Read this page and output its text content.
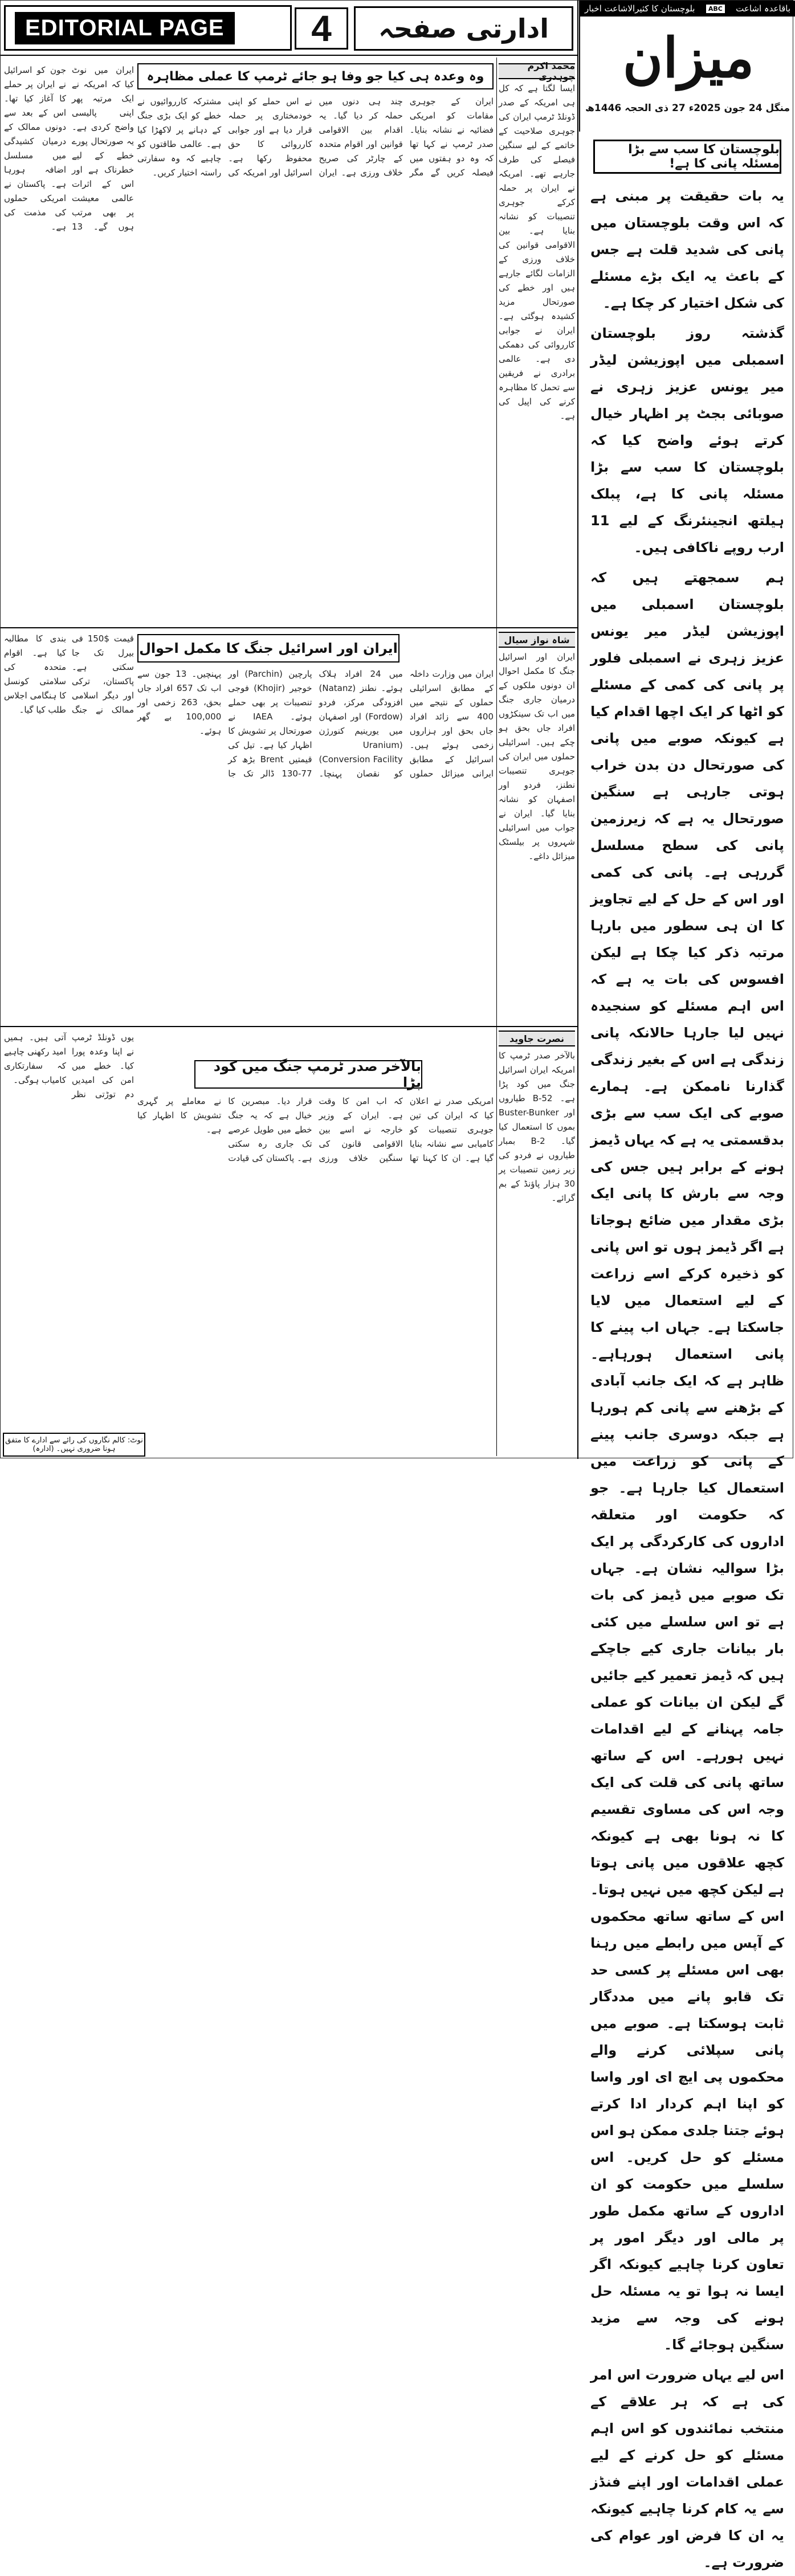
EDITORIAL PAGE	4	ادارتی صفحہ
باقاعدہ اشاعت
ABC
بلوچستان کا کثیرالاشاعت اخبار
میزان
منگل 24 جون 2025ء 27 ذی الحجہ 1446ھ
بلوچستان کا سب سے بڑا مسئلہ پانی کا ہے!

یہ بات حقیقت پر مبنی ہے کہ اس وقت بلوچستان میں پانی کی شدید قلت ہے جس کے باعث یہ ایک بڑے مسئلے کی شکل اختیار کر چکا ہے۔

گذشتہ روز بلوچستان اسمبلی میں اپوزیشن لیڈر میر یونس عزیز زہری نے صوبائی بجٹ پر اظہار خیال کرتے ہوئے واضح کیا کہ بلوچستان کا سب سے بڑا مسئلہ پانی کا ہے، پبلک ہیلتھ انجینئرنگ کے لیے 11 ارب روپے ناکافی ہیں۔

ہم سمجھتے ہیں کہ بلوچستان اسمبلی میں اپوزیشن لیڈر میر یونس عزیز زہری نے اسمبلی فلور پر پانی کی کمی کے مسئلے کو اٹھا کر ایک اچھا اقدام کیا ہے کیونکہ صوبے میں پانی کی صورتحال دن بدن خراب ہوتی جارہی ہے سنگین صورتحال یہ ہے کہ زیرزمین پانی کی سطح مسلسل گررہی ہے۔ پانی کی کمی اور اس کے حل کے لیے تجاویز کا ان ہی سطور میں بارہا مرتبہ ذکر کیا چکا ہے لیکن افسوس کی بات یہ ہے کہ اس اہم مسئلے کو سنجیدہ نہیں لیا جارہا حالانکہ پانی زندگی ہے اس کے بغیر زندگی گذارنا ناممکن ہے۔ ہمارے صوبے کی ایک سب سے بڑی بدقسمتی یہ ہے کہ یہاں ڈیمز ہونے کے برابر ہیں جس کی وجہ سے بارش کا پانی ایک بڑی مقدار میں ضائع ہوجاتا ہے اگر ڈیمز ہوں تو اس پانی کو ذخیرہ کرکے اسے زراعت کے لیے استعمال میں لایا جاسکتا ہے۔ جہاں اب پینے کا پانی استعمال ہورہاہے۔ ظاہر ہے کہ ایک جانب آبادی کے بڑھنے سے پانی کم ہورہا ہے جبکہ دوسری جانب پینے کے پانی کو زراعت میں استعمال کیا جارہا ہے۔ جو کہ حکومت اور متعلقہ اداروں کی کارکردگی پر ایک بڑا سوالیہ نشان ہے۔ جہاں تک صوبے میں ڈیمز کی بات ہے تو اس سلسلے میں کئی بار بیانات جاری کیے جاچکے ہیں کہ ڈیمز تعمیر کیے جائیں گے لیکن ان بیانات کو عملی جامہ پہنانے کے لیے اقدامات نہیں ہورہے۔ اس کے ساتھ ساتھ پانی کی قلت کی ایک وجہ اس کی مساوی تقسیم کا نہ ہونا بھی ہے کیونکہ کچھ علاقوں میں پانی ہوتا ہے لیکن کچھ میں نہیں ہوتا۔ اس کے ساتھ ساتھ محکموں کے آپس میں رابطے میں رہنا بھی اس مسئلے پر کسی حد تک قابو پانے میں مددگار ثابت ہوسکتا ہے۔ صوبے میں پانی سپلائی کرنے والے محکموں پی ایچ ای اور واسا کو اپنا اہم کردار ادا کرتے ہوئے جتنا جلدی ممکن ہو اس مسئلے کو حل کریں۔ اس سلسلے میں حکومت کو ان اداروں کے ساتھ مکمل طور پر مالی اور دیگر امور پر تعاون کرنا چاہیے کیونکہ اگر ایسا نہ ہوا تو یہ مسئلہ حل ہونے کی وجہ سے مزید سنگین ہوجائے گا۔

اس لیے یہاں ضرورت اس امر کی ہے کہ ہر علاقے کے منتخب نمائندوں کو اس اہم مسئلے کو حل کرنے کے لیے عملی اقدامات اور اپنے فنڈز سے یہ کام کرنا چاہیے کیونکہ یہ ان کا فرض اور عوام کی ضرورت ہے۔

محمد اکرم چوہدری
ایسا لگتا ہے کہ کل ہی امریکہ کے صدر ڈونلڈ ٹرمپ ایران کی جوہری صلاحیت کے خاتمے کے لیے سنگین فیصلے کی طرف جارہے تھے۔ امریکہ نے ایران پر حملہ کرکے جوہری تنصیبات کو نشانہ بنایا ہے۔ بین الاقوامی قوانین کی خلاف ورزی کے الزامات لگائے جارہے ہیں اور خطے کی صورتحال مزید کشیدہ ہوگئی ہے۔ ایران نے جوابی کارروائی کی دھمکی دی ہے۔ عالمی برادری نے فریقین سے تحمل کا مظاہرہ کرنے کی اپیل کی ہے۔
وہ وعدہ ہی کیا جو وفا ہو جائے ٹرمپ کا عملی مظاہرہ
ایران کے جوہری مقامات کو امریکی فضائیہ نے نشانہ بنایا۔ صدر ٹرمپ نے کہا تھا کہ وہ دو ہفتوں میں فیصلہ کریں گے مگر چند ہی دنوں میں حملہ کر دیا گیا۔ یہ اقدام بین الاقوامی قوانین اور اقوام متحدہ کے چارٹر کی صریح خلاف ورزی ہے۔ ایران نے اس حملے کو اپنی خودمختاری پر حملہ قرار دیا ہے اور جوابی کارروائی کا حق محفوظ رکھا ہے۔ اسرائیل اور امریکہ کی مشترکہ کارروائیوں نے خطے کو ایک بڑی جنگ کے دہانے پر لاکھڑا کیا ہے۔ عالمی طاقتوں کو چاہیے کہ وہ سفارتی راستہ اختیار کریں۔
ایران میں نوٹ کیا کہ امریکہ نے ایک مرتبہ پھر اپنی پالیسی واضح کردی ہے۔ یہ صورتحال پورے خطے کے لیے خطرناک ہے اور اس کے اثرات عالمی معیشت پر بھی مرتب ہوں گے۔ 13 جون کو اسرائیل نے ایران پر حملے کا آغاز کیا تھا۔ اس کے بعد سے دونوں ممالک کے درمیان کشیدگی میں مسلسل اضافہ ہورہا ہے۔ پاکستان نے امریکی حملوں کی مذمت کی ہے۔
شاہ نواز سیال
ایران اور اسرائیل جنگ کا مکمل احوال ان دونوں ملکوں کے درمیان جاری جنگ میں اب تک سینکڑوں افراد جاں بحق ہو چکے ہیں۔ اسرائیلی حملوں میں ایران کی جوہری تنصیبات نطنز، فردو اور اصفہان کو نشانہ بنایا گیا۔ ایران نے جواب میں اسرائیلی شہروں پر بیلسٹک میزائل داغے۔
ایران اور اسرائیل جنگ کا مکمل احوال
ایران میں وزارت داخلہ کے مطابق اسرائیلی حملوں کے نتیجے میں 400 سے زائد افراد جاں بحق اور ہزاروں زخمی ہوئے ہیں۔ اسرائیل کے مطابق ایرانی میزائل حملوں میں 24 افراد ہلاک ہوئے۔ نطنز (Natanz) افزودگی مرکز، فردو (Fordow) اور اصفہان میں یورینیم کنورژن (Uranium Conversion Facility) کو نقصان پہنچا۔ پارچین (Parchin) اور خوجیر (Khojir) فوجی تنصیبات پر بھی حملے ہوئے۔ IAEA نے صورتحال پر تشویش کا اظہار کیا ہے۔ تیل کی قیمتیں Brent بڑھ کر 77-130 ڈالر تک جا پہنچیں۔ 13 جون سے اب تک 657 افراد جاں بحق، 263 زخمی اور 100,000 بے گھر ہوئے۔
قیمت $150 فی بیرل تک جا سکتی ہے۔ پاکستان، ترکی اور دیگر اسلامی ممالک نے جنگ بندی کا مطالبہ کیا ہے۔ اقوام متحدہ کی سلامتی کونسل کا ہنگامی اجلاس طلب کیا گیا۔
نصرت جاوید
بالآخر صدر ٹرمپ کا امریکہ ایران اسرائیل جنگ میں کود پڑا ہے۔ B-52 طیاروں اور Buster-Bunker بموں کا استعمال کیا گیا۔ B-2 بمبار طیاروں نے فردو کی زیر زمین تنصیبات پر 30 ہزار پاؤنڈ کے بم گرائے۔
بالآخر صدر ٹرمپ جنگ میں کود پڑا
امریکی صدر نے اعلان کیا کہ ایران کی تین جوہری تنصیبات کو کامیابی سے نشانہ بنایا گیا ہے۔ ان کا کہنا تھا کہ اب امن کا وقت ہے۔ ایران کے وزیر خارجہ نے اسے بین الاقوامی قانون کی سنگین خلاف ورزی قرار دیا۔ مبصرین کا خیال ہے کہ یہ جنگ خطے میں طویل عرصے تک جاری رہ سکتی ہے۔ پاکستان کی قیادت نے معاملے پر گہری تشویش کا اظہار کیا ہے۔
یوں ڈونلڈ ٹرمپ نے اپنا وعدہ پورا کیا۔ خطے میں امن کی امیدیں دم توڑتی نظر آتی ہیں۔ ہمیں امید رکھنی چاہیے کہ سفارتکاری کامیاب ہوگی۔
نوٹ: کالم نگاروں کی رائے سے ادارے کا متفق ہونا ضروری نہیں۔ (ادارہ)
